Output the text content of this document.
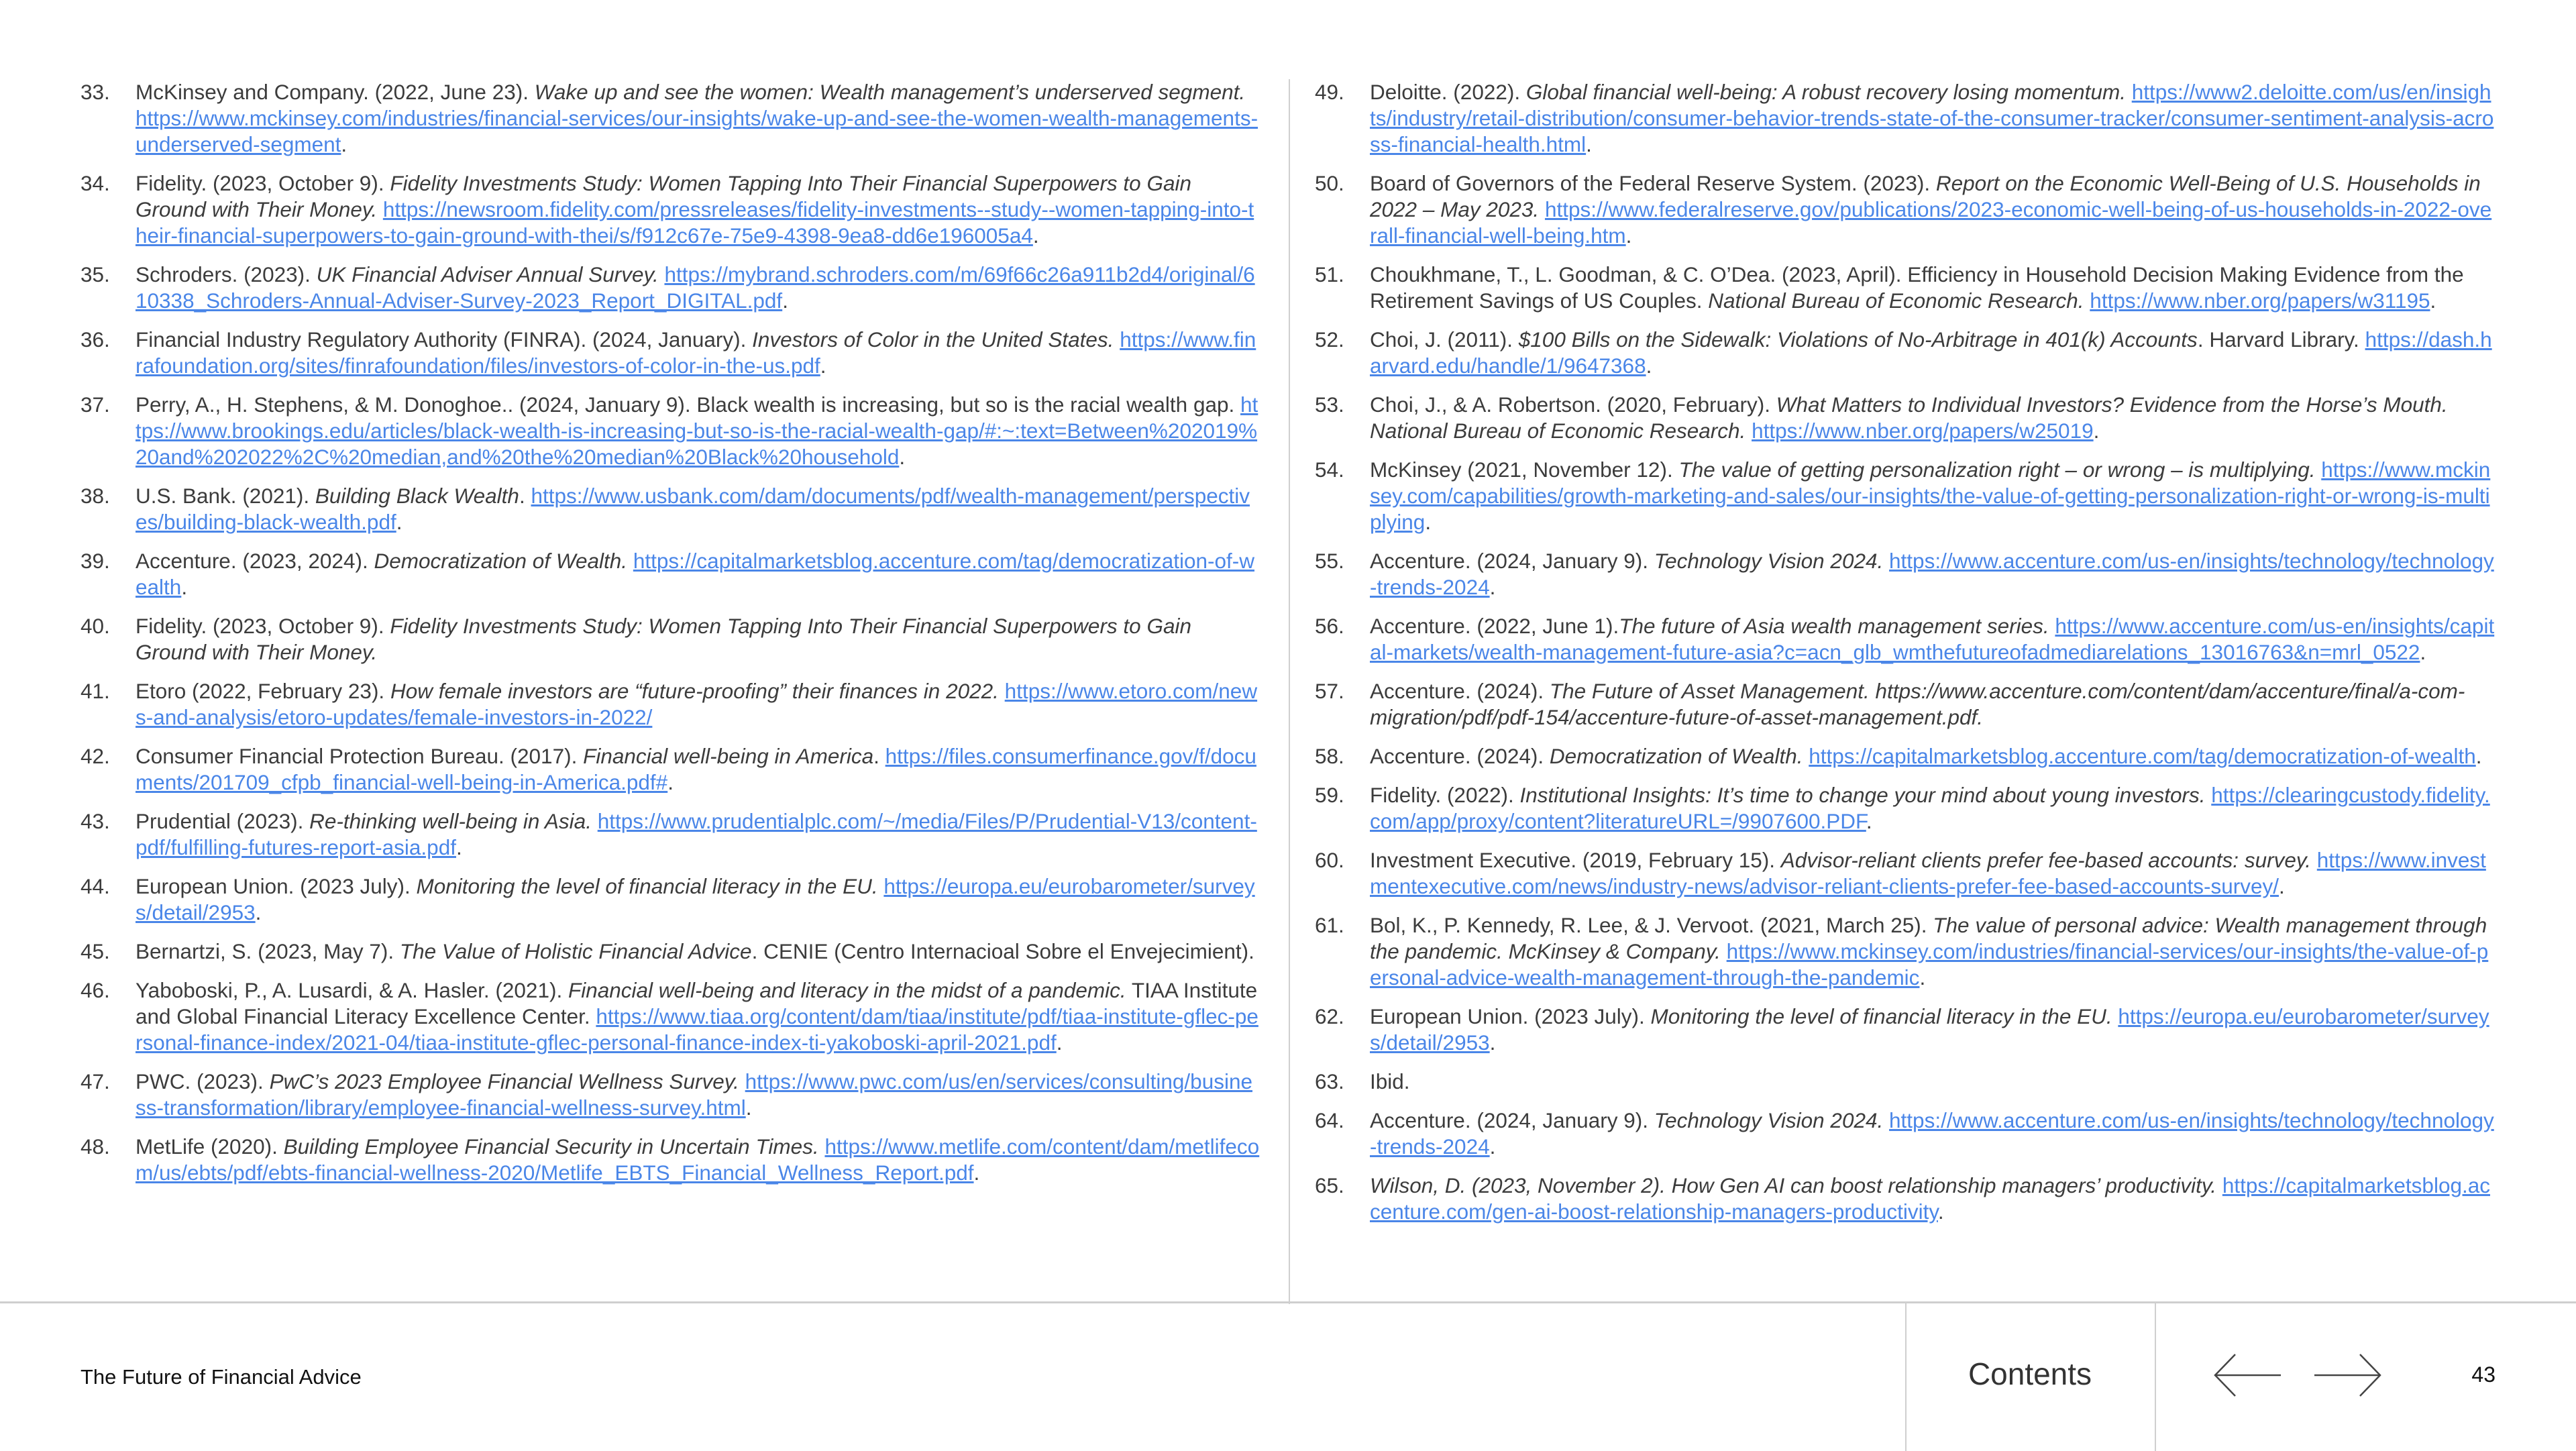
33.	McKinsey and Company. (2022, June 23). Wake up and see the women: Wealth management’s underserved segment. https://www.mckinsey.com/industries/financial-services/our-insights/wake-up-and-see-the-women-wealth-managements-underserved-segment.
34.	Fidelity. (2023, October 9). Fidelity Investments Study: Women Tapping Into Their Financial Superpowers to Gain Ground with Their Money. https://newsroom.fidelity.com/pressreleases/fidelity-investments--study--women-tapping-into-their-financial-superpowers-to-gain-ground-with-thei/s/f912c67e-75e9-4398-9ea8-dd6e196005a4.
35.	Schroders. (2023). UK Financial Adviser Annual Survey. https://mybrand.schroders.com/m/69f66c26a911b2d4/original/610338_Schroders-Annual-Adviser-Survey-2023_Report_DIGITAL.pdf.
36.	Financial Industry Regulatory Authority (FINRA). (2024, January). Investors of Color in the United States. https://www.finrafoundation.org/sites/finrafoundation/files/investors-of-color-in-the-us.pdf.
37.	Perry, A., H. Stephens, & M. Donoghoe.. (2024, January 9). Black wealth is increasing, but so is the racial wealth gap. https://www.brookings.edu/articles/black-wealth-is-increasing-but-so-is-the-racial-wealth-gap/#:~:text=Between%202019%20and%202022%2C%20median,and%20the%20median%20Black%20household.
38.	U.S. Bank. (2021). Building Black Wealth. https://www.usbank.com/dam/documents/pdf/wealth-management/perspectives/building-black-wealth.pdf.
39.	Accenture. (2023, 2024). Democratization of Wealth. https://capitalmarketsblog.accenture.com/tag/democratization-of-wealth.
40.	Fidelity. (2023, October 9). Fidelity Investments Study: Women Tapping Into Their Financial Superpowers to Gain Ground with Their Money.
41.	Etoro (2022, February 23). How female investors are “future-proofing” their finances in 2022. https://www.etoro.com/news-and-analysis/etoro-updates/female-investors-in-2022/
42.	Consumer Financial Protection Bureau. (2017). Financial well-being in America. https://files.consumerfinance.gov/f/documents/201709_cfpb_financial-well-being-in-America.pdf#.
43.	Prudential (2023). Re-thinking well-being in Asia. https://www.prudentialplc.com/~/media/Files/P/Prudential-V13/content-pdf/fulfilling-futures-report-asia.pdf.
44.	European Union. (2023 July). Monitoring the level of financial literacy in the EU. https://europa.eu/eurobarometer/surveys/detail/2953.
45.	Bernartzi, S. (2023, May 7). The Value of Holistic Financial Advice. CENIE (Centro Internacioal Sobre el Envejecimient).
46.	Yaboboski, P., A. Lusardi, & A. Hasler. (2021). Financial well-being and literacy in the midst of a pandemic. TIAA Institute and Global Financial Literacy Excellence Center. https://www.tiaa.org/content/dam/tiaa/institute/pdf/tiaa-institute-gflec-personal-finance-index/2021-04/tiaa-institute-gflec-personal-finance-index-ti-yakoboski-april-2021.pdf.
47.	PWC. (2023). PwC’s 2023 Employee Financial Wellness Survey. https://www.pwc.com/us/en/services/consulting/business-transformation/library/employee-financial-wellness-survey.html.
48.	MetLife (2020). Building Employee Financial Security in Uncertain Times. https://www.metlife.com/content/dam/metlifecom/us/ebts/pdf/ebts-financial-wellness-2020/Metlife_EBTS_Financial_Wellness_Report.pdf.
49.	Deloitte. (2022). Global financial well-being: A robust recovery losing momentum. https://www2.deloitte.com/us/en/insights/industry/retail-distribution/consumer-behavior-trends-state-of-the-consumer-tracker/consumer-sentiment-analysis-across-financial-health.html.
50.	Board of Governors of the Federal Reserve System. (2023). Report on the Economic Well-Being of U.S. Households in 2022 – May 2023. https://www.federalreserve.gov/publications/2023-economic-well-being-of-us-households-in-2022-overall-financial-well-being.htm.
51.	Choukhmane, T., L. Goodman, & C. O’Dea. (2023, April). Efficiency in Household Decision Making Evidence from the Retirement Savings of US Couples. National Bureau of Economic Research. https://www.nber.org/papers/w31195.
52.	Choi, J. (2011). $100 Bills on the Sidewalk: Violations of No-Arbitrage in 401(k) Accounts. Harvard Library. https://dash.harvard.edu/handle/1/9647368.
53.	Choi, J., & A. Robertson. (2020, February). What Matters to Individual Investors? Evidence from the Horse’s Mouth. National Bureau of Economic Research. https://www.nber.org/papers/w25019.
54.	McKinsey (2021, November 12). The value of getting personalization right – or wrong – is multiplying. https://www.mckinsey.com/capabilities/growth-marketing-and-sales/our-insights/the-value-of-getting-personalization-right-or-wrong-is-multiplying.
55.	Accenture. (2024, January 9). Technology Vision 2024. https://www.accenture.com/us-en/insights/technology/technology-trends-2024.
56.	Accenture. (2022, June 1).The future of Asia wealth management series. https://www.accenture.com/us-en/insights/capital-markets/wealth-management-future-asia?c=acn_glb_wmthefutureofadmediarelations_13016763&n=mrl_0522.
57.	Accenture. (2024). The Future of Asset Management. https://www.accenture.com/content/dam/accenture/final/a-com-migration/pdf/pdf-154/accenture-future-of-asset-management.pdf.
58.	Accenture. (2024). Democratization of Wealth. https://capitalmarketsblog.accenture.com/tag/democratization-of-wealth.
59.	Fidelity. (2022). Institutional Insights: It’s time to change your mind about young investors. https://clearingcustody.fidelity.com/app/proxy/content?literatureURL=/9907600.PDF.
60.	Investment Executive. (2019, February 15). Advisor-reliant clients prefer fee-based accounts: survey. https://www.investmentexecutive.com/news/industry-news/advisor-reliant-clients-prefer-fee-based-accounts-survey/.
61.	Bol, K., P. Kennedy, R. Lee, & J. Vervoot. (2021, March 25). The value of personal advice: Wealth management through the pandemic. McKinsey & Company. https://www.mckinsey.com/industries/financial-services/our-insights/the-value-of-personal-advice-wealth-management-through-the-pandemic.
62.	European Union. (2023 July). Monitoring the level of financial literacy in the EU. https://europa.eu/eurobarometer/surveys/detail/2953.
63.	Ibid.
64.	Accenture. (2024, January 9). Technology Vision 2024. https://www.accenture.com/us-en/insights/technology/technology-trends-2024.
65.	Wilson, D. (2023, November 2). How Gen AI can boost relationship managers’ productivity. https://capitalmarketsblog.accenture.com/gen-ai-boost-relationship-managers-productivity.
The Future of Financial Advice	Contents	43
